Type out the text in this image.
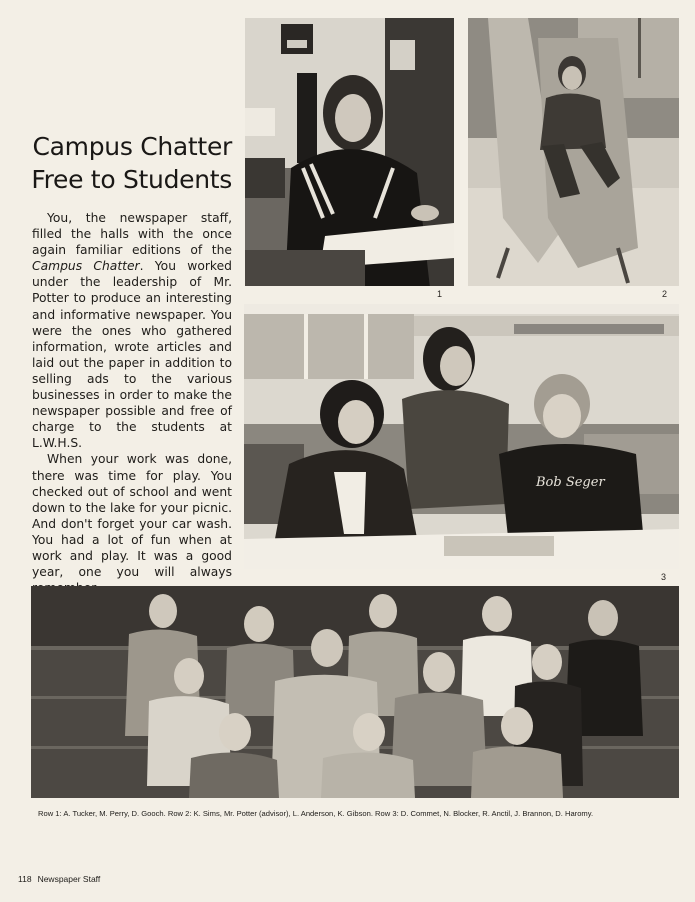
Campus Chatter
Free to Students

You, the newspaper staff, filled the halls with the once again familiar editions of the Campus Chatter. You worked under the leadership of Mr. Potter to produce an interesting and informative newspaper. You were the ones who gathered information, wrote articles and laid out the paper in addition to selling ads to the various businesses in order to make the newspaper possible and free of charge to the students at L.W.H.S.

When your work was done, there was time for play. You checked out of school and went down to the lake for your picnic. And don't forget your car wash. You had a lot of fun when at work and play. It was a good year, one you will always

1	2
Bob Seger
3
Row 1: A. Tucker, M. Perry, D. Gooch. Row 2: K. Sims, Mr. Potter (advisor), L. Anderson, K. Gibson. Row 3: D. Commet, N. Blocker, R. Anctil, J. Brannon, D. Haromy.
118 Newspaper Staff
